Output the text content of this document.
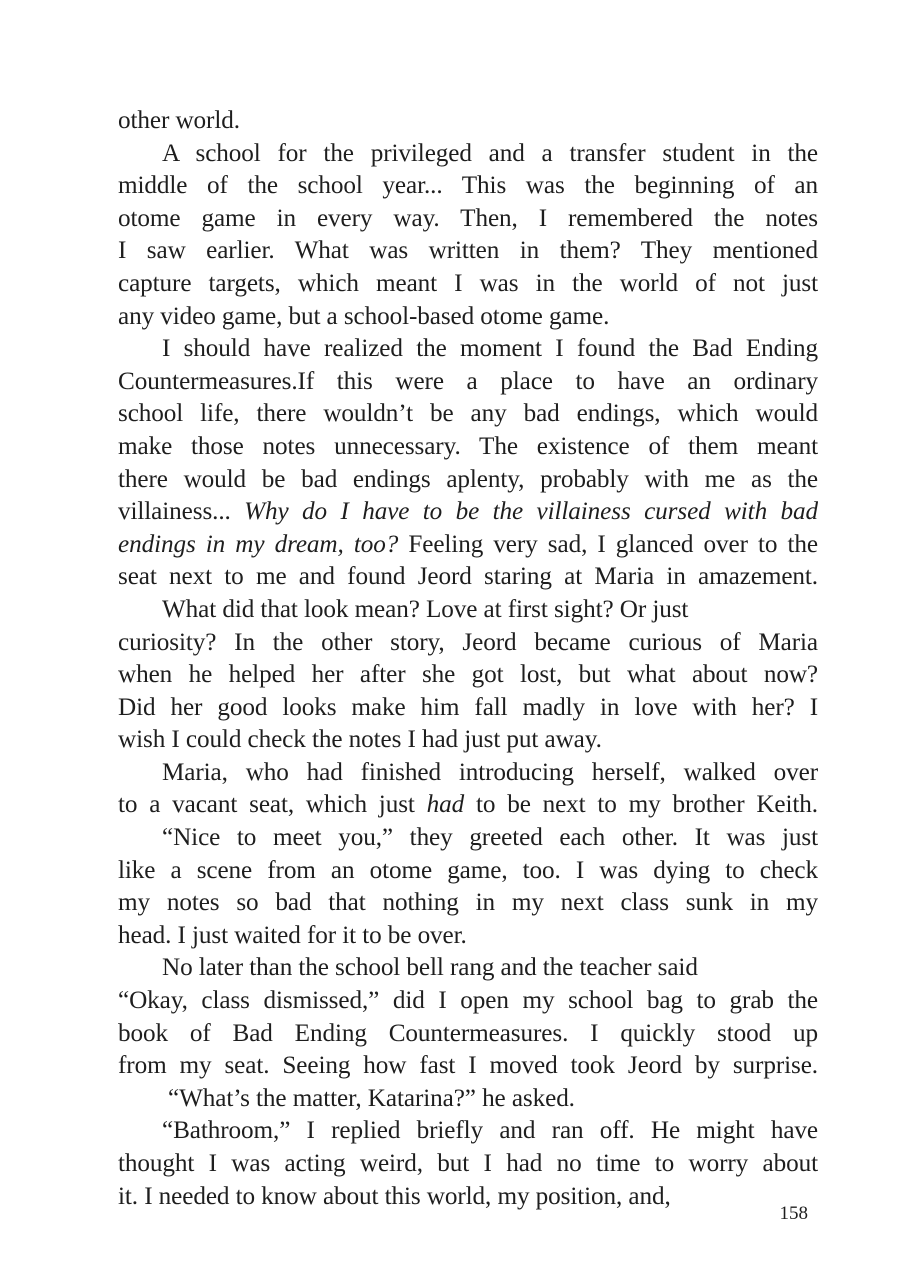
other world.
A school for the privileged and a transfer student in the
middle of the school year... This was the beginning of an
otome game in every way. Then, I remembered the notes
I saw earlier. What was written in them? They mentioned
capture targets, which meant I was in the world of not just
any video game, but a school-based otome game.
I should have realized the moment I found the Bad Ending
Countermeasures.If this were a place to have an ordinary
school life, there wouldn’t be any bad endings, which would
make those notes unnecessary. The existence of them meant
there would be bad endings aplenty, probably with me as the
villainess... Why do I have to be the villainess cursed with bad
endings in my dream, too? Feeling very sad, I glanced over to the
seat next to me and found Jeord staring at Maria in amazement.
What did that look mean? Love at first sight? Or just
curiosity? In the other story, Jeord became curious of Maria
when he helped her after she got lost, but what about now?
Did her good looks make him fall madly in love with her? I
wish I could check the notes I had just put away.
Maria, who had finished introducing herself, walked over
to a vacant seat, which just had to be next to my brother Keith.
“Nice to meet you,” they greeted each other. It was just
like a scene from an otome game, too. I was dying to check
my notes so bad that nothing in my next class sunk in my
head. I just waited for it to be over.
No later than the school bell rang and the teacher said
“Okay, class dismissed,” did I open my school bag to grab the
book of Bad Ending Countermeasures. I quickly stood up
from my seat. Seeing how fast I moved took Jeord by surprise.
“What’s the matter, Katarina?” he asked.
“Bathroom,” I replied briefly and ran off. He might have
thought I was acting weird, but I had no time to worry about
it. I needed to know about this world, my position, and,
158
